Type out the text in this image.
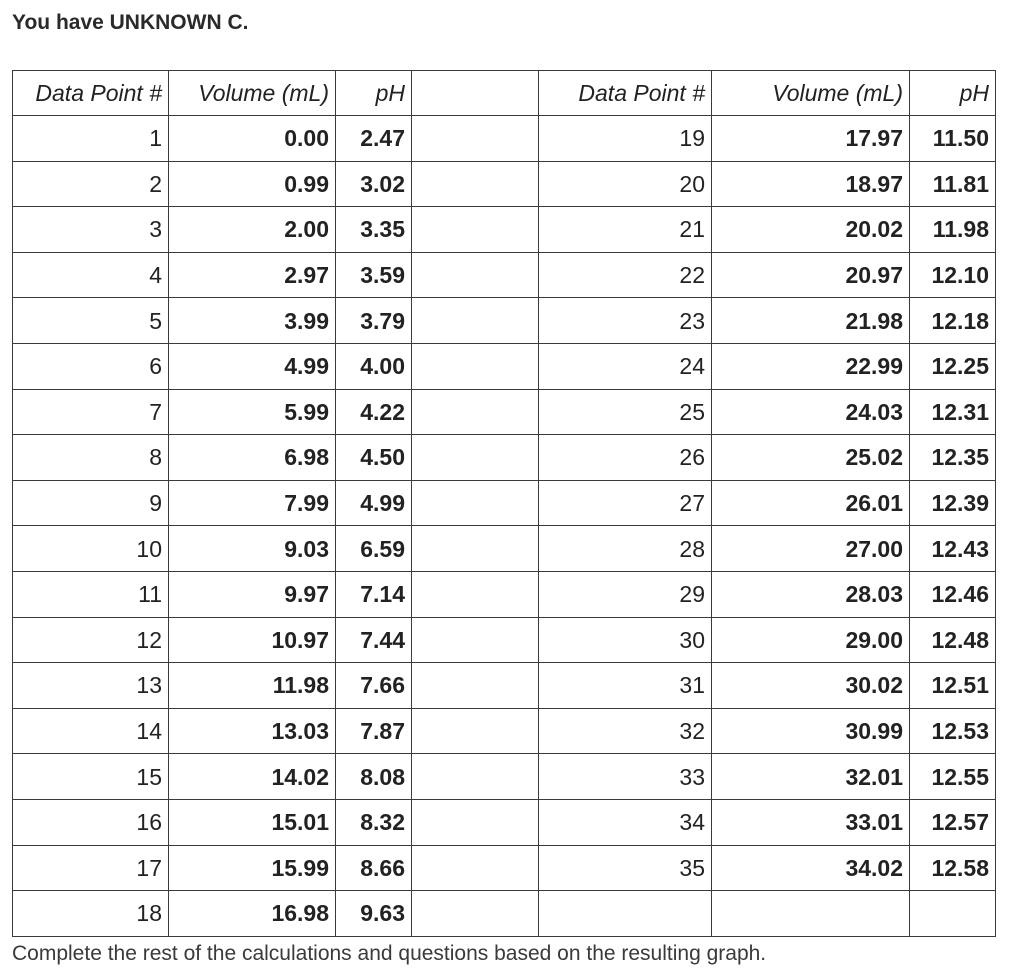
You have UNKNOWN C.
Data Point #	Volume (mL)	pH		Data Point #	Volume (mL)	pH
1	0.00	2.47		19	17.97	11.50
2	0.99	3.02		20	18.97	11.81
3	2.00	3.35		21	20.02	11.98
4	2.97	3.59		22	20.97	12.10
5	3.99	3.79		23	21.98	12.18
6	4.99	4.00		24	22.99	12.25
7	5.99	4.22		25	24.03	12.31
8	6.98	4.50		26	25.02	12.35
9	7.99	4.99		27	26.01	12.39
10	9.03	6.59		28	27.00	12.43
11	9.97	7.14		29	28.03	12.46
12	10.97	7.44		30	29.00	12.48
13	11.98	7.66		31	30.02	12.51
14	13.03	7.87		32	30.99	12.53
15	14.02	8.08		33	32.01	12.55
16	15.01	8.32		34	33.01	12.57
17	15.99	8.66		35	34.02	12.58
18	16.98	9.63				
Complete the rest of the calculations and questions based on the resulting graph.
